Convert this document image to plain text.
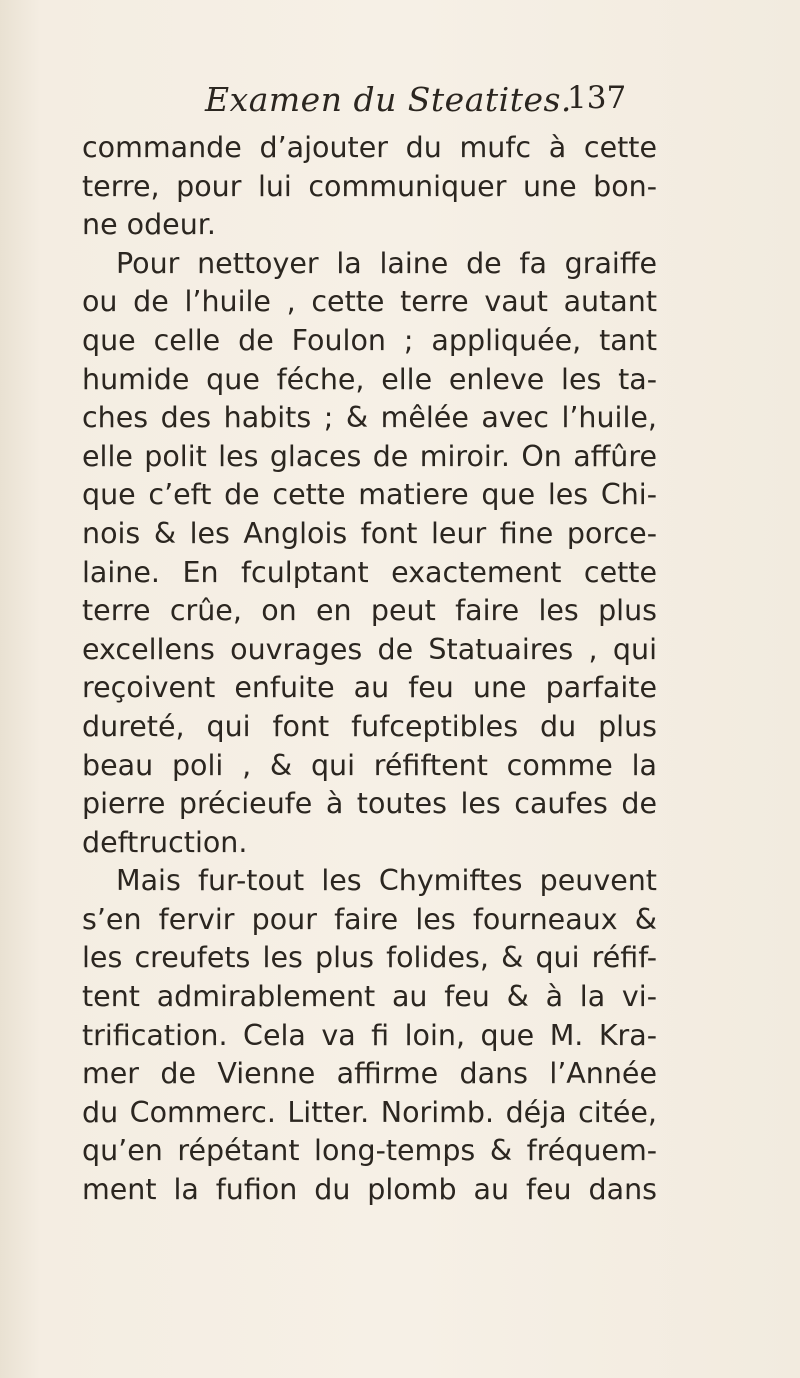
Examen du Steatites.
137
commande d’ajouter du mufc à cette
terre, pour lui communiquer une bon-
ne odeur.
Pour nettoyer la laine de fa graiffe
ou de l’huile , cette terre vaut autant
que celle de Foulon ; appliquée, tant
humide que féche, elle enleve les ta-
ches des habits ; & mêlée avec l’huile,
elle polit les glaces de miroir. On affûre
que c’eft de cette matiere que les Chi-
nois & les Anglois font leur fine porce-
laine. En fculptant exactement cette
terre crûe, on en peut faire les plus
excellens ouvrages de Statuaires , qui
reçoivent enfuite au feu une parfaite
dureté, qui font fufceptibles du plus
beau poli , & qui réfiftent comme la
pierre précieufe à toutes les caufes de
deftruction.
Mais fur-tout les Chymiftes peuvent
s’en fervir pour faire les fourneaux &
les creufets les plus folides, & qui réfif-
tent admirablement au feu & à la vi-
trification. Cela va fi loin, que M. Kra-
mer de Vienne affirme dans l’Année
du Commerc. Litter. Norimb. déja citée,
qu’en répétant long-temps & fréquem-
ment la fufion du plomb au feu dans
